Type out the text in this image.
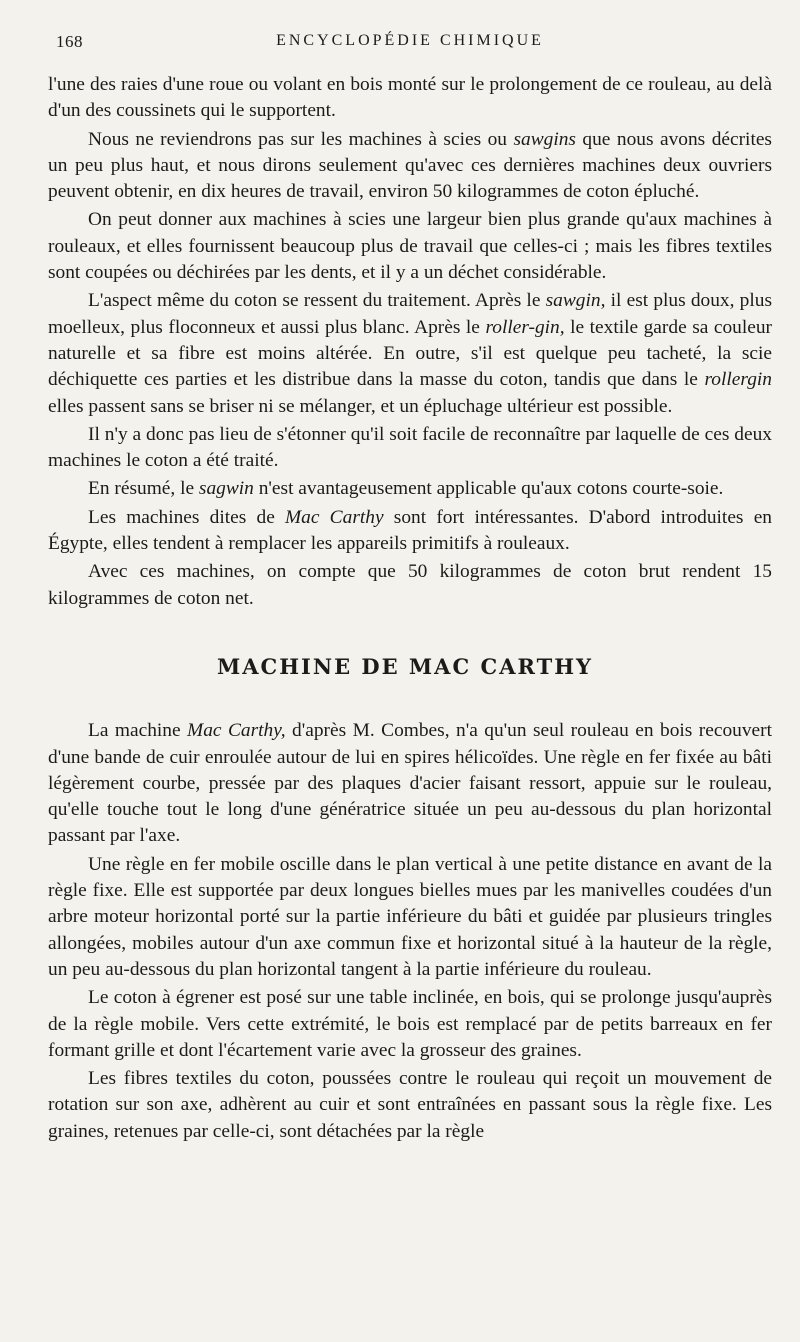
168	ENCYCLOPÉDIE CHIMIQUE

l'une des raies d'une roue ou volant en bois monté sur le prolongement de ce rouleau, au delà d'un des coussinets qui le supportent.

Nous ne reviendrons pas sur les machines à scies ou sawgins que nous avons décrites un peu plus haut, et nous dirons seulement qu'avec ces dernières machines deux ouvriers peuvent obtenir, en dix heures de travail, environ 50 kilogrammes de coton épluché.

On peut donner aux machines à scies une largeur bien plus grande qu'aux machines à rouleaux, et elles fournissent beaucoup plus de travail que celles-ci ; mais les fibres textiles sont coupées ou déchirées par les dents, et il y a un déchet considérable.

L'aspect même du coton se ressent du traitement. Après le sawgin, il est plus doux, plus moelleux, plus floconneux et aussi plus blanc. Après le roller-gin, le textile garde sa couleur naturelle et sa fibre est moins altérée. En outre, s'il est quelque peu tacheté, la scie déchiquette ces parties et les distribue dans la masse du coton, tandis que dans le rollergin elles passent sans se briser ni se mélanger, et un épluchage ultérieur est possible.

Il n'y a donc pas lieu de s'étonner qu'il soit facile de reconnaître par laquelle de ces deux machines le coton a été traité.

En résumé, le sagwin n'est avantageusement applicable qu'aux cotons courte-soie.

Les machines dites de Mac Carthy sont fort intéressantes. D'abord introduites en Égypte, elles tendent à remplacer les appareils primitifs à rouleaux.

Avec ces machines, on compte que 50 kilogrammes de coton brut rendent 15 kilogrammes de coton net.

MACHINE DE MAC CARTHY

La machine Mac Carthy, d'après M. Combes, n'a qu'un seul rouleau en bois recouvert d'une bande de cuir enroulée autour de lui en spires hélicoïdes. Une règle en fer fixée au bâti légèrement courbe, pressée par des plaques d'acier faisant ressort, appuie sur le rouleau, qu'elle touche tout le long d'une génératrice située un peu au-dessous du plan horizontal passant par l'axe.

Une règle en fer mobile oscille dans le plan vertical à une petite distance en avant de la règle fixe. Elle est supportée par deux longues bielles mues par les manivelles coudées d'un arbre moteur horizontal porté sur la partie inférieure du bâti et guidée par plusieurs tringles allongées, mobiles autour d'un axe commun fixe et horizontal situé à la hauteur de la règle, un peu au-dessous du plan horizontal tangent à la partie inférieure du rouleau.

Le coton à égrener est posé sur une table inclinée, en bois, qui se prolonge jusqu'auprès de la règle mobile. Vers cette extrémité, le bois est remplacé par de petits barreaux en fer formant grille et dont l'écartement varie avec la grosseur des graines.

Les fibres textiles du coton, poussées contre le rouleau qui reçoit un mouvement de rotation sur son axe, adhèrent au cuir et sont entraînées en passant sous la règle fixe. Les graines, retenues par celle-ci, sont détachées par la règle
